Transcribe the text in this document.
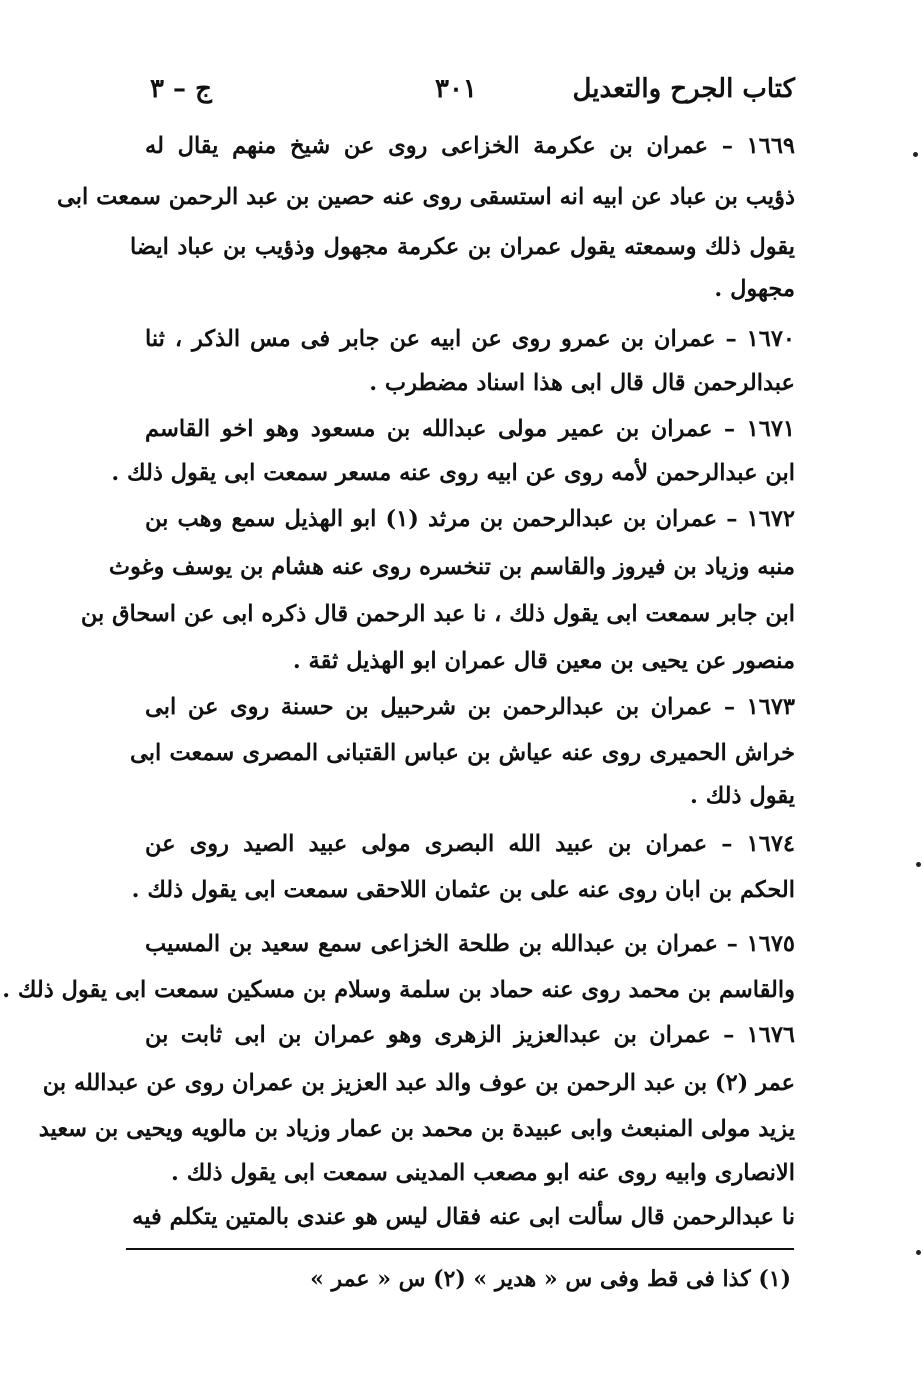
كتاب الجرح والتعديل
٣٠١
ج – ٣
١٦٦٩ – عمران بن عكرمة الخزاعى روى عن شيخ منهم يقال له
ذؤيب بن عباد عن ابيه انه استسقى روى عنه حصين بن عبد الرحمن سمعت ابى
يقول ذلك وسمعته يقول عمران بن عكرمة مجهول وذؤيب بن عباد ايضا
مجهول .
١٦٧٠ – عمران بن عمرو روى عن ابيه عن جابر فى مس الذكر ، ثنا
عبدالرحمن قال قال ابى هذا اسناد مضطرب .
١٦٧١ – عمران بن عمير مولى عبدالله بن مسعود وهو اخو القاسم
ابن عبدالرحمن لأمه روى عن ابيه روى عنه مسعر سمعت ابى يقول ذلك .
١٦٧٢ – عمران بن عبدالرحمن بن مرثد (١) ابو الهذيل سمع وهب بن
منبه وزياد بن فيروز والقاسم بن تنخسره روى عنه هشام بن يوسف وغوث
ابن جابر سمعت ابى يقول ذلك ، نا عبد الرحمن قال ذكره ابى عن اسحاق بن
منصور عن يحيى بن معين قال عمران ابو الهذيل ثقة .
١٦٧٣ – عمران بن عبدالرحمن بن شرحبيل بن حسنة روى عن ابى
خراش الحميرى روى عنه عياش بن عباس القتبانى المصرى سمعت ابى
يقول ذلك .
١٦٧٤ – عمران بن عبيد الله البصرى مولى عبيد الصيد روى عن
الحكم بن ابان روى عنه على بن عثمان اللاحقى سمعت ابى يقول ذلك .
١٦٧٥ – عمران بن عبدالله بن طلحة الخزاعى سمع سعيد بن المسيب
والقاسم بن محمد روى عنه حماد بن سلمة وسلام بن مسكين سمعت ابى يقول ذلك .
١٦٧٦ – عمران بن عبدالعزيز الزهرى وهو عمران بن ابى ثابت بن
عمر (٢) بن عبد الرحمن بن عوف والد عبد العزيز بن عمران روى عن عبدالله بن
يزيد مولى المنبعث وابى عبيدة بن محمد بن عمار وزياد بن مالويه ويحيى بن سعيد
الانصارى وابيه روى عنه ابو مصعب المدينى سمعت ابى يقول ذلك .
نا عبدالرحمن قال سألت ابى عنه فقال ليس هو عندى بالمتين يتكلم فيه
(١) كذا فى قط وفى س « هدير » (٢) س « عمر »
